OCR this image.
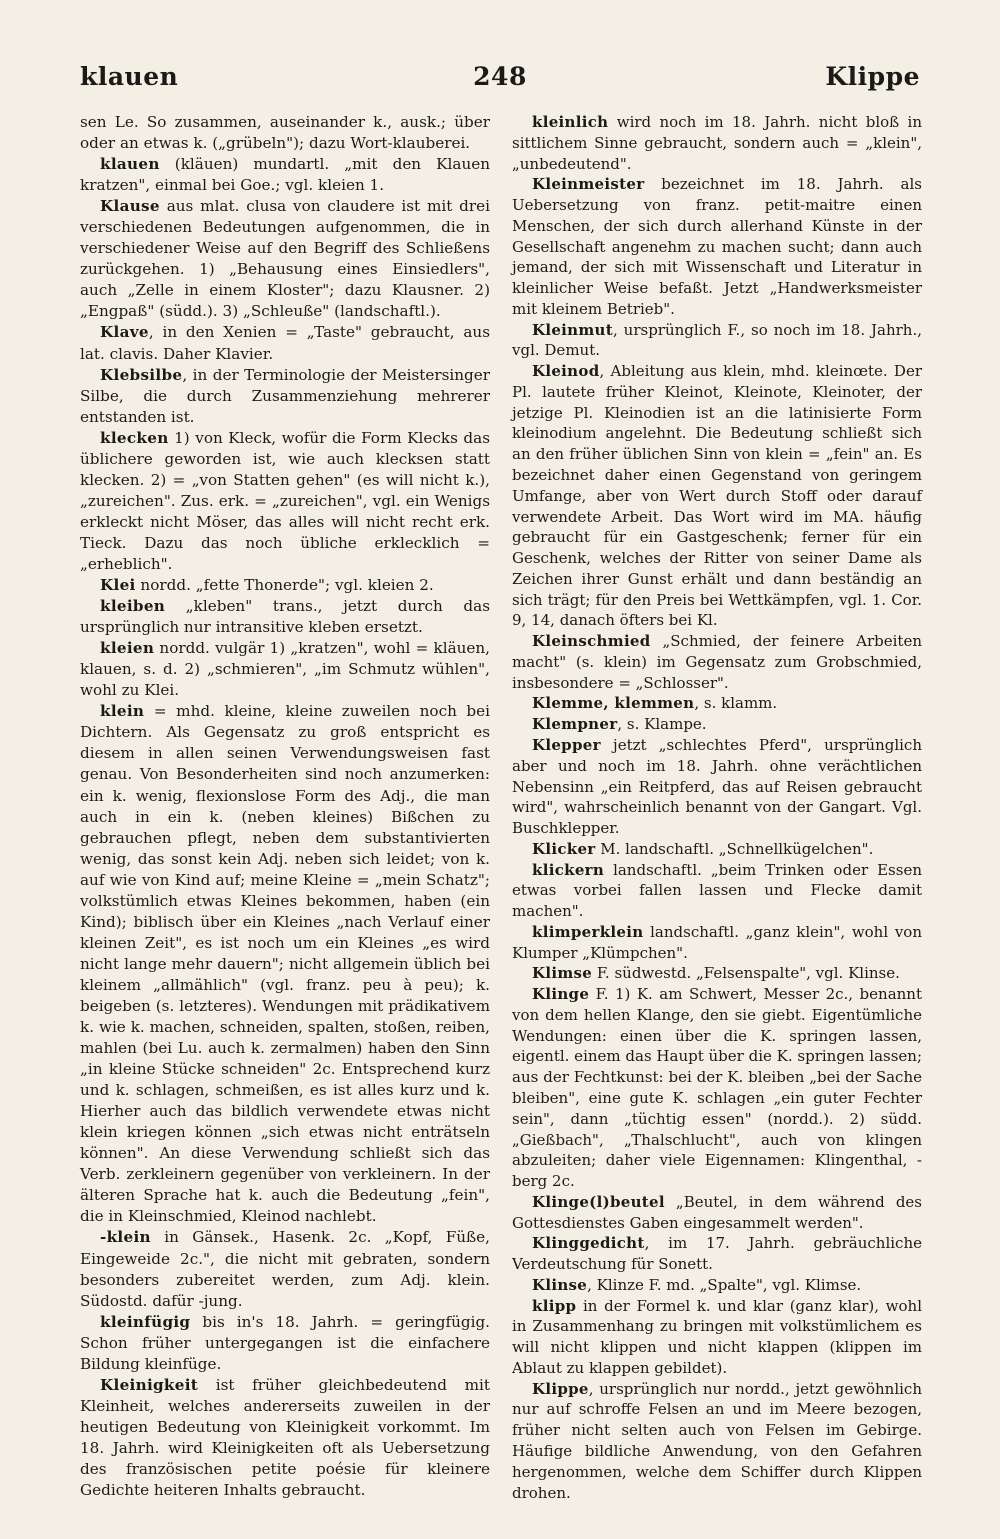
248
klauen	Klippe

sen Le. So zusammen, auseinander k., ausk.; über oder an etwas k. („grübeln"); dazu Wort-klauberei.

klauen (kläuen) mundartl. „mit den Klauen kratzen", einmal bei Goe.; vgl. kleien 1.

Klause aus mlat. clusa von claudere ist mit drei verschiedenen Bedeutungen aufgenommen, die in verschiedener Weise auf den Begriff des Schließens zurückgehen. 1) „Behausung eines Einsiedlers", auch „Zelle in einem Kloster"; dazu Klausner. 2) „Engpaß" (südd.). 3) „Schleuße" (landschaftl.).

Klave, in den Xenien = „Taste" gebraucht, aus lat. clavis. Daher Klavier.

Klebsilbe, in der Terminologie der Meistersinger Silbe, die durch Zusammenziehung mehrerer entstanden ist.

klecken 1) von Kleck, wofür die Form Klecks das üblichere geworden ist, wie auch klecksen statt klecken. 2) = „von Statten gehen" (es will nicht k.), „zureichen". Zus. erk. = „zureichen", vgl. ein Wenigs erkleckt nicht Möser, das alles will nicht recht erk. Tieck. Dazu das noch übliche erklecklich = „erheblich".

Klei nordd. „fette Thonerde"; vgl. kleien 2.

kleiben „kleben" trans., jetzt durch das ursprünglich nur intransitive kleben ersetzt.

kleien nordd. vulgär 1) „kratzen", wohl = kläuen, klauen, s. d. 2) „schmieren", „im Schmutz wühlen", wohl zu Klei.

klein = mhd. kleine, kleine zuweilen noch bei Dichtern. Als Gegensatz zu groß entspricht es diesem in allen seinen Verwendungsweisen fast genau. Von Besonderheiten sind noch anzumerken: ein k. wenig, flexionslose Form des Adj., die man auch in ein k. (neben kleines) Bißchen zu gebrauchen pflegt, neben dem substantivierten wenig, das sonst kein Adj. neben sich leidet; von k. auf wie von Kind auf; meine Kleine = „mein Schatz"; volkstümlich etwas Kleines bekommen, haben (ein Kind); biblisch über ein Kleines „nach Verlauf einer kleinen Zeit", es ist noch um ein Kleines „es wird nicht lange mehr dauern"; nicht allgemein üblich bei kleinem „allmählich" (vgl. franz. peu à peu); k. beigeben (s. letzteres). Wendungen mit prädikativem k. wie k. machen, schneiden, spalten, stoßen, reiben, mahlen (bei Lu. auch k. zermalmen) haben den Sinn „in kleine Stücke schneiden" 2c. Entsprechend kurz und k. schlagen, schmeißen, es ist alles kurz und k. Hierher auch das bildlich verwendete etwas nicht klein kriegen können „sich etwas nicht enträtseln können". An diese Verwendung schließt sich das Verb. zerkleinern gegenüber von verkleinern. In der älteren Sprache hat k. auch die Bedeutung „fein", die in Kleinschmied, Kleinod nachlebt.

-klein in Gänsek., Hasenk. 2c. „Kopf, Füße, Eingeweide 2c.", die nicht mit gebraten, sondern besonders zubereitet werden, zum Adj. klein. Südostd. dafür -jung.

kleinfügig bis in's 18. Jahrh. = geringfügig. Schon früher untergegangen ist die einfachere Bildung kleinfüge.

Kleinigkeit ist früher gleichbedeutend mit Kleinheit, welches andererseits zuweilen in der heutigen Bedeutung von Kleinigkeit vorkommt. Im 18. Jahrh. wird Kleinigkeiten oft als Uebersetzung des französischen petite poésie für kleinere Gedichte heiteren Inhalts gebraucht.

kleinlich wird noch im 18. Jahrh. nicht bloß in sittlichem Sinne gebraucht, sondern auch = „klein", „unbedeutend".

Kleinmeister bezeichnet im 18. Jahrh. als Uebersetzung von franz. petit-maitre einen Menschen, der sich durch allerhand Künste in der Gesellschaft angenehm zu machen sucht; dann auch jemand, der sich mit Wissenschaft und Literatur in kleinlicher Weise befaßt. Jetzt „Handwerksmeister mit kleinem Betrieb".

Kleinmut, ursprünglich F., so noch im 18. Jahrh., vgl. Demut.

Kleinod, Ableitung aus klein, mhd. kleinœte. Der Pl. lautete früher Kleinot, Kleinote, Kleinoter, der jetzige Pl. Kleinodien ist an die latinisierte Form kleinodium angelehnt. Die Bedeutung schließt sich an den früher üblichen Sinn von klein = „fein" an. Es bezeichnet daher einen Gegenstand von geringem Umfange, aber von Wert durch Stoff oder darauf verwendete Arbeit. Das Wort wird im MA. häufig gebraucht für ein Gastgeschenk; ferner für ein Geschenk, welches der Ritter von seiner Dame als Zeichen ihrer Gunst erhält und dann beständig an sich trägt; für den Preis bei Wettkämpfen, vgl. 1. Cor. 9, 14, danach öfters bei Kl.

Kleinschmied „Schmied, der feinere Arbeiten macht" (s. klein) im Gegensatz zum Grobschmied, insbesondere = „Schlosser".

Klemme, klemmen, s. klamm.

Klempner, s. Klampe.

Klepper jetzt „schlechtes Pferd", ursprünglich aber und noch im 18. Jahrh. ohne verächtlichen Nebensinn „ein Reitpferd, das auf Reisen gebraucht wird", wahrscheinlich benannt von der Gangart. Vgl. Buschklepper.

Klicker M. landschaftl. „Schnellkügelchen".

klickern landschaftl. „beim Trinken oder Essen etwas vorbei fallen lassen und Flecke damit machen".

klimperklein landschaftl. „ganz klein", wohl von Klumper „Klümpchen".

Klimse F. südwestd. „Felsenspalte", vgl. Klinse.

Klinge F. 1) K. am Schwert, Messer 2c., benannt von dem hellen Klange, den sie giebt. Eigentümliche Wendungen: einen über die K. springen lassen, eigentl. einem das Haupt über die K. springen lassen; aus der Fechtkunst: bei der K. bleiben „bei der Sache bleiben", eine gute K. schlagen „ein guter Fechter sein", dann „tüchtig essen" (nordd.). 2) südd. „Gießbach", „Thalschlucht", auch von klingen abzuleiten; daher viele Eigennamen: Klingenthal, -berg 2c.

Klinge(l)beutel „Beutel, in dem während des Gottesdienstes Gaben eingesammelt werden".

Klinggedicht, im 17. Jahrh. gebräuchliche Verdeutschung für Sonett.

Klinse, Klinze F. md. „Spalte", vgl. Klimse.

klipp in der Formel k. und klar (ganz klar), wohl in Zusammenhang zu bringen mit volkstümlichem es will nicht klippen und nicht klappen (klippen im Ablaut zu klappen gebildet).

Klippe, ursprünglich nur nordd., jetzt gewöhnlich nur auf schroffe Felsen an und im Meere bezogen, früher nicht selten auch von Felsen im Gebirge. Häufige bildliche Anwendung, von den Gefahren hergenommen, welche dem Schiffer durch Klippen drohen.
